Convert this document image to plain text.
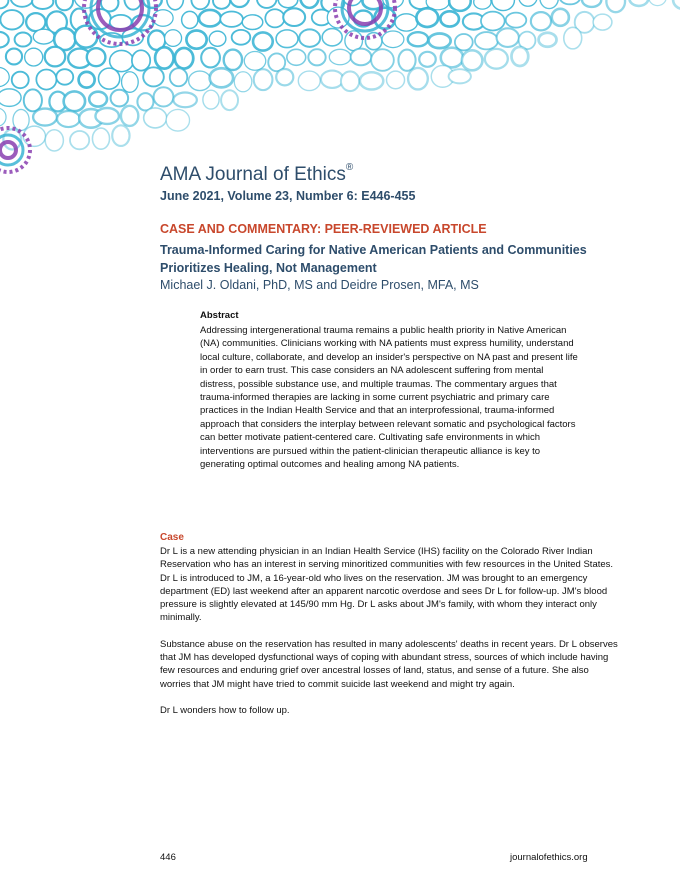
AMA Journal of Ethics®

June 2021, Volume 23, Number 6: E446-455

CASE AND COMMENTARY: PEER-REVIEWED ARTICLE

Trauma-Informed Caring for Native American Patients and Communities
Prioritizes Healing, Not Management

Michael J. Oldani, PhD, MS and Deidre Prosen, MFA, MS

Abstract

Addressing intergenerational trauma remains a public health priority in Native American (NA) communities. Clinicians working with NA patients must express humility, understand local culture, collaborate, and develop an insider's perspective on NA past and present life in order to earn trust. This case considers an NA adolescent suffering from mental distress, possible substance use, and multiple traumas. The commentary argues that trauma-informed therapies are lacking in some current psychiatric and primary care practices in the Indian Health Service and that an interprofessional, trauma-informed approach that considers the interplay between relevant somatic and psychological factors can better motivate patient-centered care. Cultivating safe environments in which interventions are pursued within the patient-clinician therapeutic alliance is key to generating optimal outcomes and healing among NA patients.

Case

Dr L is a new attending physician in an Indian Health Service (IHS) facility on the Colorado River Indian Reservation who has an interest in serving minoritized communities with few resources in the United States. Dr L is introduced to JM, a 16-year-old who lives on the reservation. JM was brought to an emergency department (ED) last weekend after an apparent narcotic overdose and sees Dr L for follow-up. JM's blood pressure is slightly elevated at 145/90 mm Hg. Dr L asks about JM's family, with whom they interact only minimally.

Substance abuse on the reservation has resulted in many adolescents' deaths in recent years. Dr L observes that JM has developed dysfunctional ways of coping with abundant stress, sources of which include having few resources and enduring grief over ancestral losses of land, status, and sense of a future. She also worries that JM might have tried to commit suicide last weekend and might try again.

Dr L wonders how to follow up.

446	journalofethics.org
